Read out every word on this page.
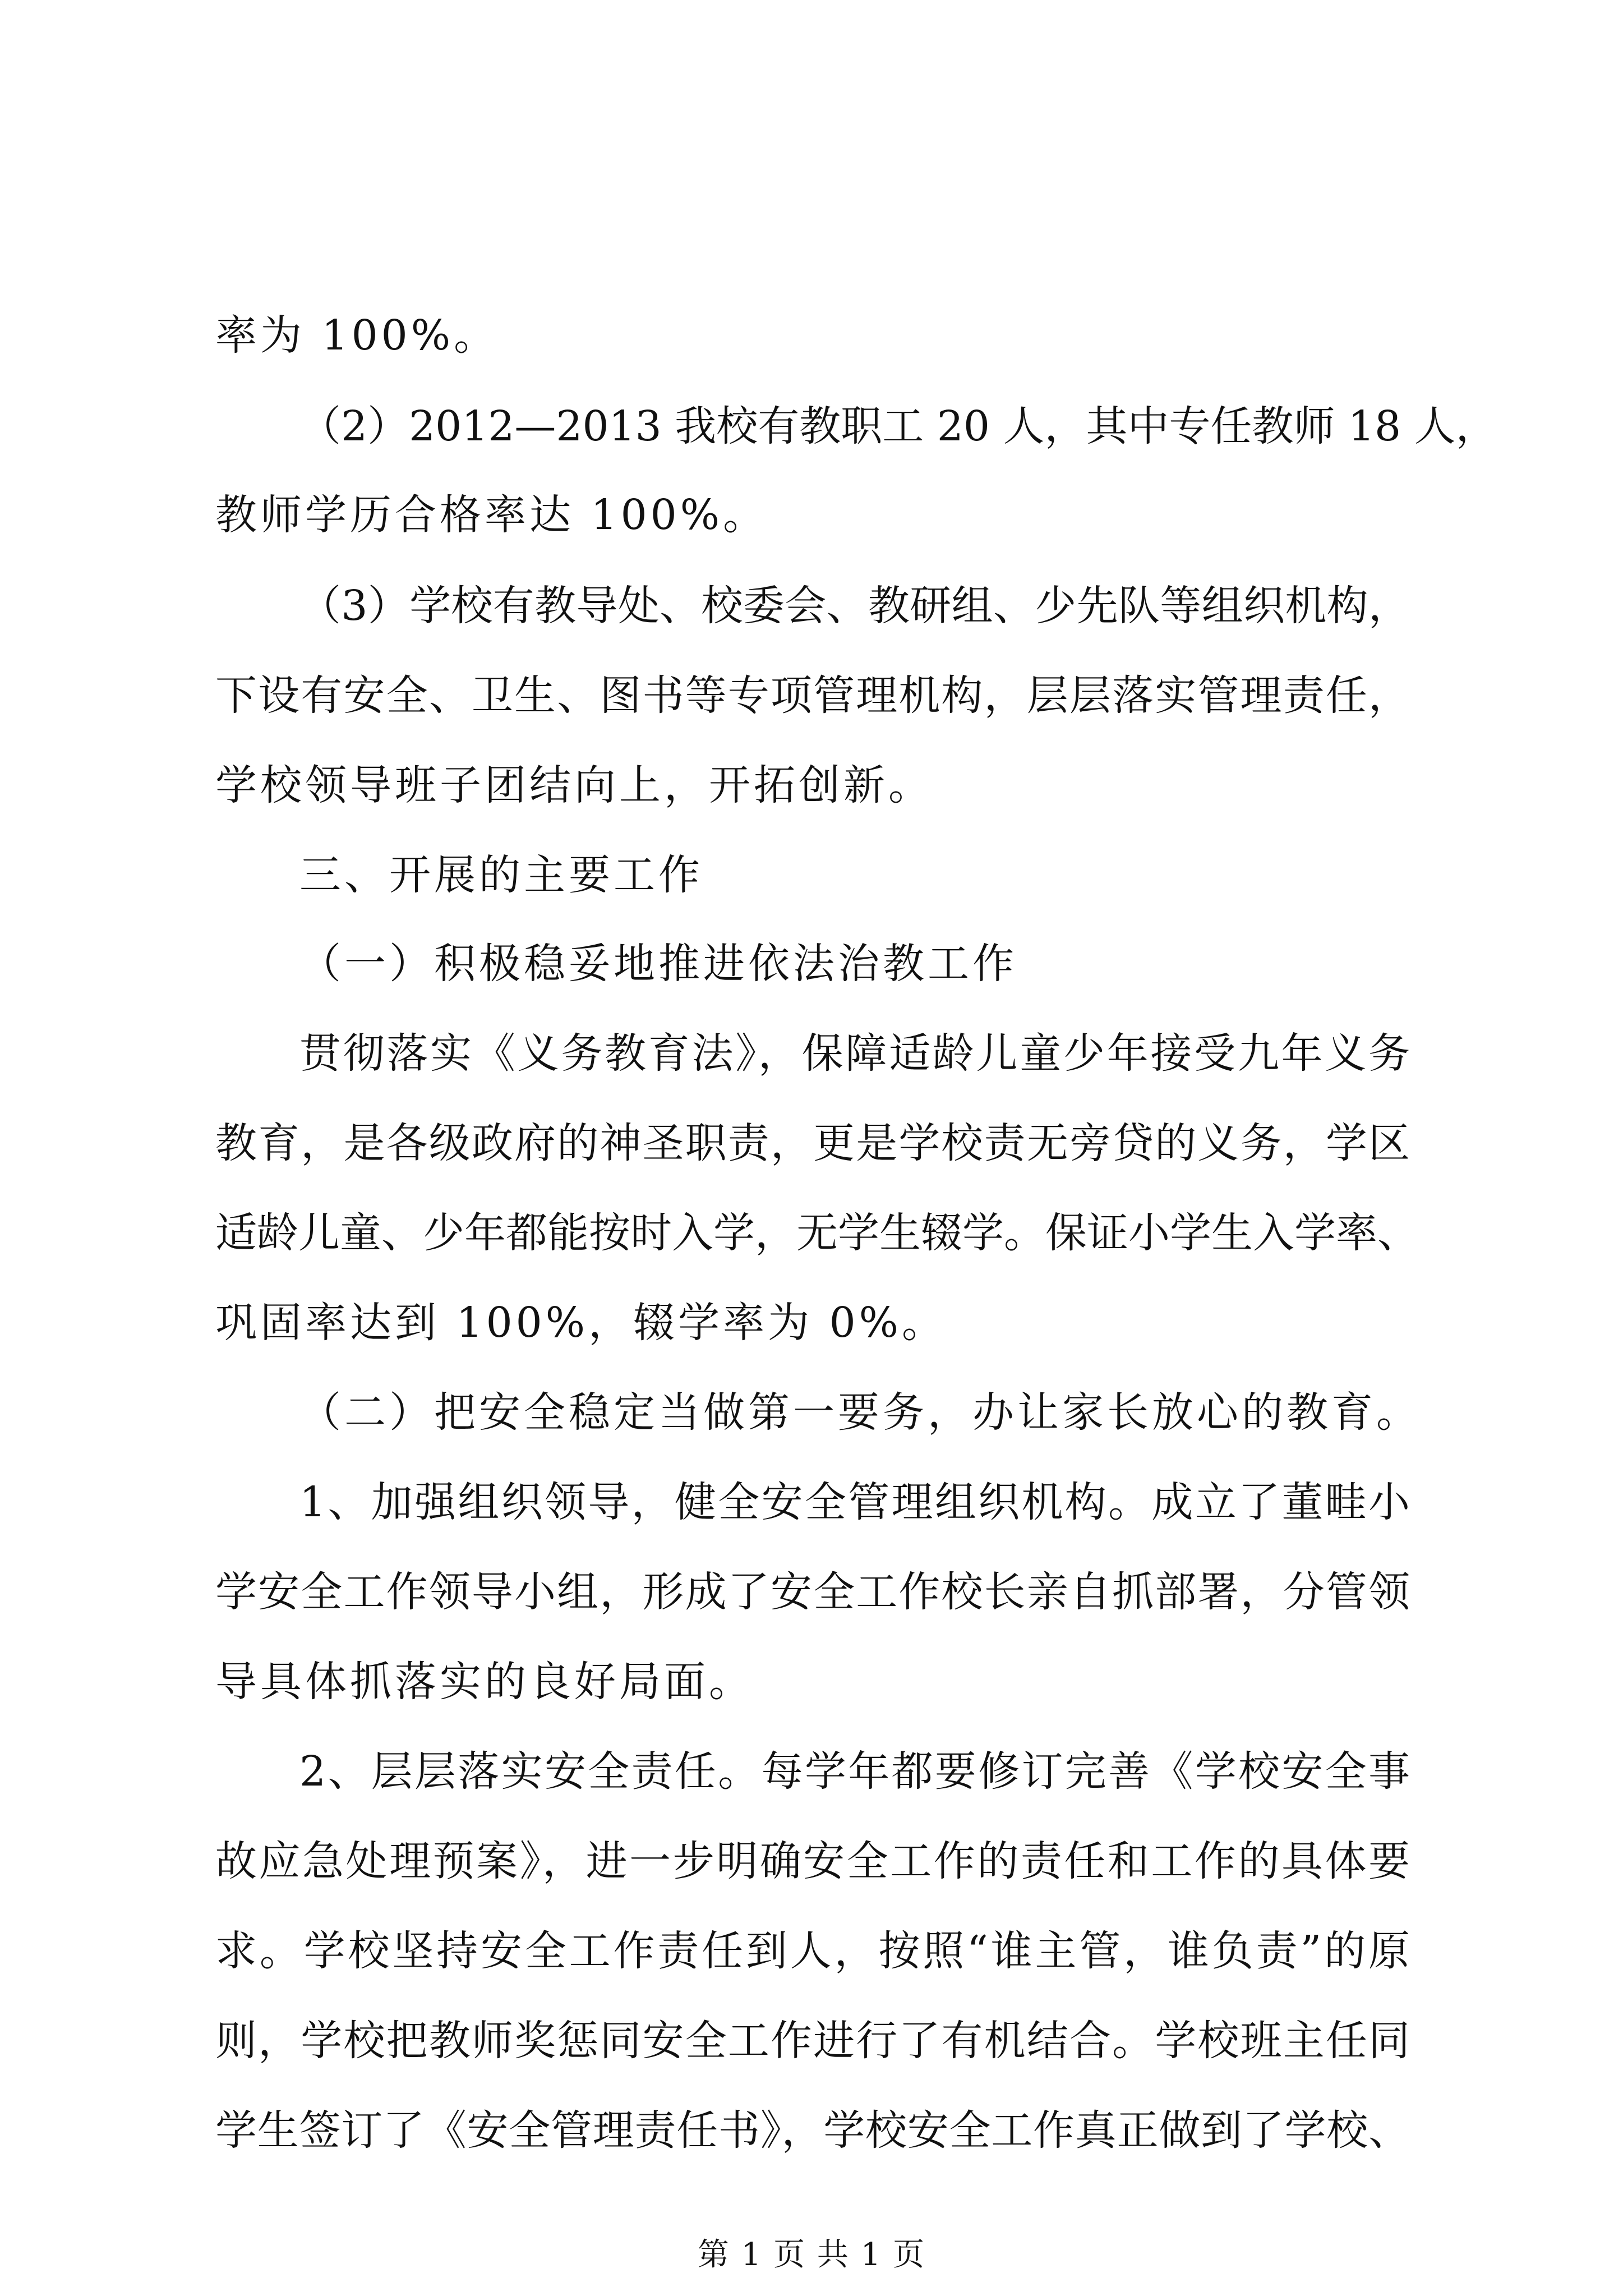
率为 100%。
（2）2012—2013 我校有教职工 20 人，其中专任教师 18 人，
教师学历合格率达 100%。
（3）学校有教导处、校委会、教研组、少先队等组织机构，
下设有安全、卫生、图书等专项管理机构，层层落实管理责任，
学校领导班子团结向上，开拓创新。
三、开展的主要工作
（一）积极稳妥地推进依法治教工作
贯彻落实《义务教育法》，保障适龄儿童少年接受九年义务
教育，是各级政府的神圣职责，更是学校责无旁贷的义务，学区
适龄儿童、少年都能按时入学，无学生辍学。保证小学生入学率、
巩固率达到 100%，辍学率为 0%。
（二）把安全稳定当做第一要务，办让家长放心的教育。
1、加强组织领导，健全安全管理组织机构。成立了董畦小
学安全工作领导小组，形成了安全工作校长亲自抓部署，分管领
导具体抓落实的良好局面。
2、层层落实安全责任。每学年都要修订完善《学校安全事
故应急处理预案》，进一步明确安全工作的责任和工作的具体要
求。学校坚持安全工作责任到人，按照“谁主管，谁负责”的原
则，学校把教师奖惩同安全工作进行了有机结合。学校班主任同
学生签订了《安全管理责任书》，学校安全工作真正做到了学校、
第 1 页 共 1 页
